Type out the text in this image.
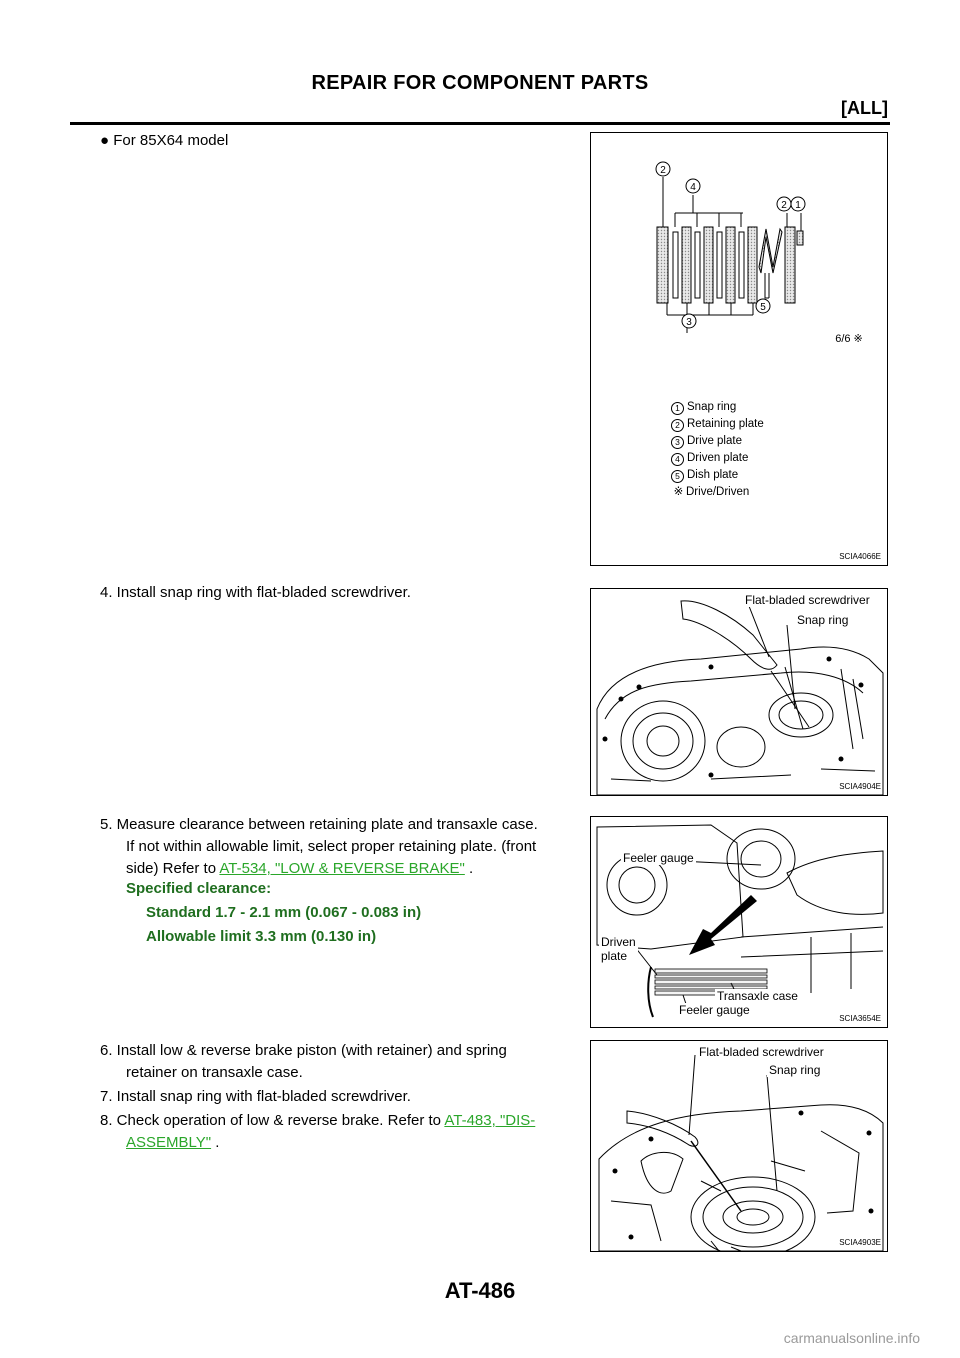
REPAIR FOR COMPONENT PARTS
[ALL]
● For 85X64 model
2
4
2 1
3
5
6/6 ※
1 Snap ring
2 Retaining plate
3 Drive plate
4 Driven plate
5 Dish plate
※ Drive/Driven
SCIA4066E
4. Install snap ring with flat-bladed screwdriver.	Flat-bladed screwdriver
Snap ring
SCIA4904E
5. Measure clearance between retaining plate and transaxle case.
If not within allowable limit, select proper retaining plate. (front
side) Refer to AT-534, "LOW & REVERSE BRAKE" .
Specified clearance:
Standard 1.7 - 2.1 mm (0.067 - 0.083 in)
Allowable limit 3.3 mm (0.130 in)
Feeler gauge
Driven
plate
Transaxle case
Feeler gauge
SCIA3654E
6. Install low & reverse brake piston (with retainer) and spring
retainer on transaxle case.
7. Install snap ring with flat-bladed screwdriver.
8. Check operation of low & reverse brake. Refer to AT-483, "DIS-
ASSEMBLY" .
Flat-bladed screwdriver
Snap ring
SCIA4903E
AT-486
carmanualsonline.info
